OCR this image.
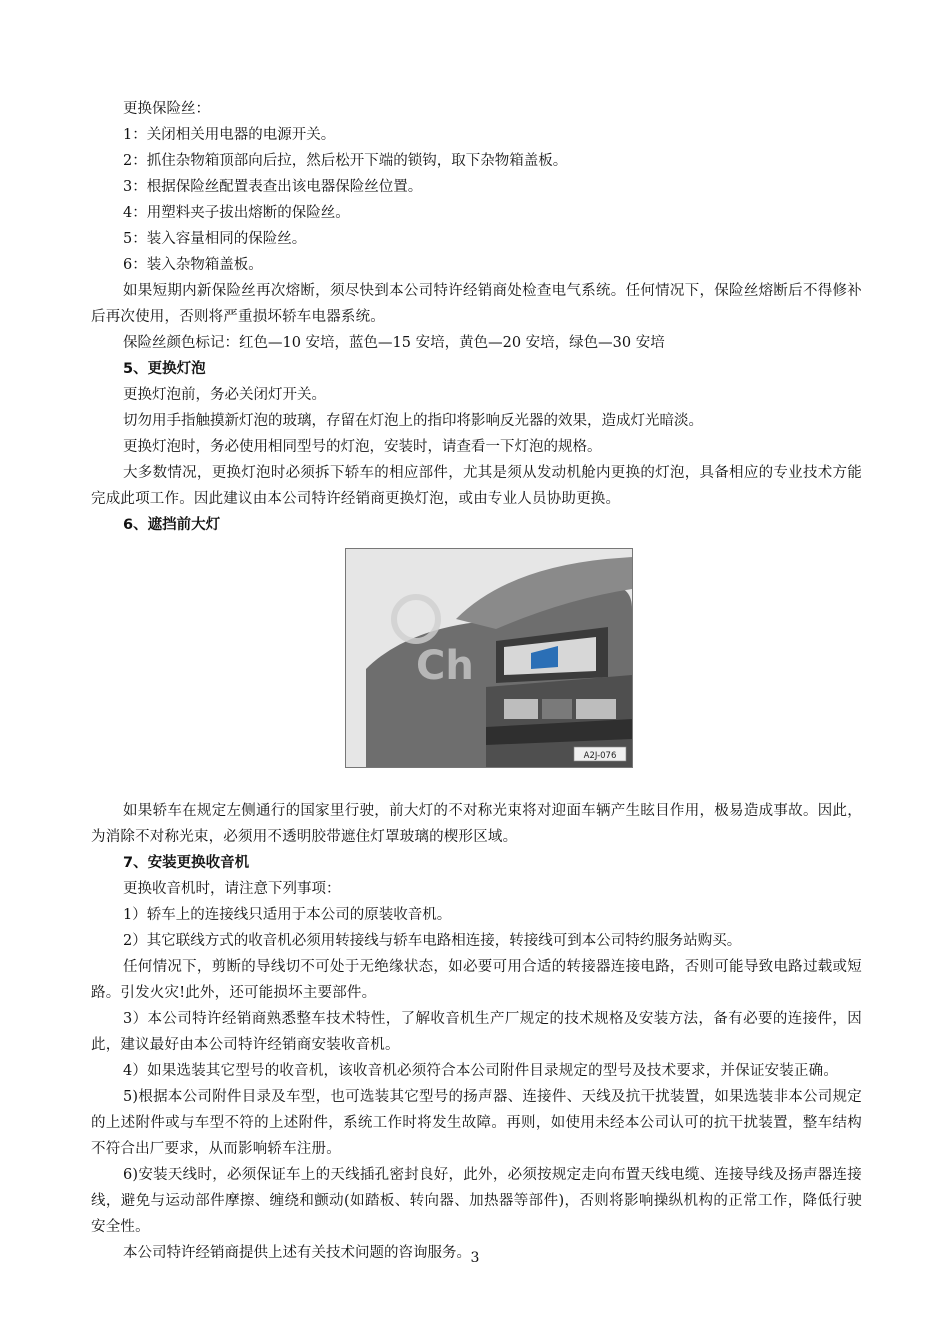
更换保险丝：
1：关闭相关用电器的电源开关。
2：抓住杂物箱顶部向后拉，然后松开下端的锁钩，取下杂物箱盖板。
3：根据保险丝配置表查出该电器保险丝位置。
4：用塑料夹子拔出熔断的保险丝。
5：装入容量相同的保险丝。
6：装入杂物箱盖板。
如果短期内新保险丝再次熔断，须尽快到本公司特许经销商处检查电气系统。任何情况下，保险丝熔断后不得修补后再次使用，否则将严重损坏轿车电器系统。
保险丝颜色标记：红色—10 安培，蓝色—15 安培，黄色—20 安培，绿色—30 安培
5、更换灯泡
更换灯泡前，务必关闭灯开关。
切勿用手指触摸新灯泡的玻璃，存留在灯泡上的指印将影响反光器的效果，造成灯光暗淡。
更换灯泡时，务必使用相同型号的灯泡，安装时，请查看一下灯泡的规格。
大多数情况，更换灯泡时必须拆下轿车的相应部件，尤其是须从发动机舱内更换的灯泡，具备相应的专业技术方能完成此项工作。因此建议由本公司特许经销商更换灯泡，或由专业人员协助更换。
6、遮挡前大灯
Ch
A2J-076
如果轿车在规定左侧通行的国家里行驶，前大灯的不对称光束将对迎面车辆产生眩目作用，极易造成事故。因此，为消除不对称光束，必须用不透明胶带遮住灯罩玻璃的楔形区域。
7、安装更换收音机
更换收音机时，请注意下列事项：
1）轿车上的连接线只适用于本公司的原装收音机。
2）其它联线方式的收音机必须用转接线与轿车电路相连接，转接线可到本公司特约服务站购买。
任何情况下，剪断的导线切不可处于无绝缘状态，如必要可用合适的转接器连接电路，否则可能导致电路过载或短路。引发火灾!此外，还可能损坏主要部件。
3）本公司特许经销商熟悉整车技术特性，了解收音机生产厂规定的技术规格及安装方法，备有必要的连接件，因此，建议最好由本公司特许经销商安装收音机。
4）如果选装其它型号的收音机，该收音机必须符合本公司附件目录规定的型号及技术要求，并保证安装正确。
5)根据本公司附件目录及车型，也可选装其它型号的扬声器、连接件、天线及抗干扰装置，如果选装非本公司规定的上述附件或与车型不符的上述附件，系统工作时将发生故障。再则，如使用未经本公司认可的抗干扰装置，整车结构不符合出厂要求，从而影响轿车注册。
6)安装天线时，必须保证车上的天线插孔密封良好，此外，必须按规定走向布置天线电缆、连接导线及扬声器连接线，避免与运动部件摩擦、缠绕和颤动(如踏板、转向器、加热器等部件)，否则将影响操纵机构的正常工作，降低行驶安全性。
本公司特许经销商提供上述有关技术问题的咨询服务。 3
